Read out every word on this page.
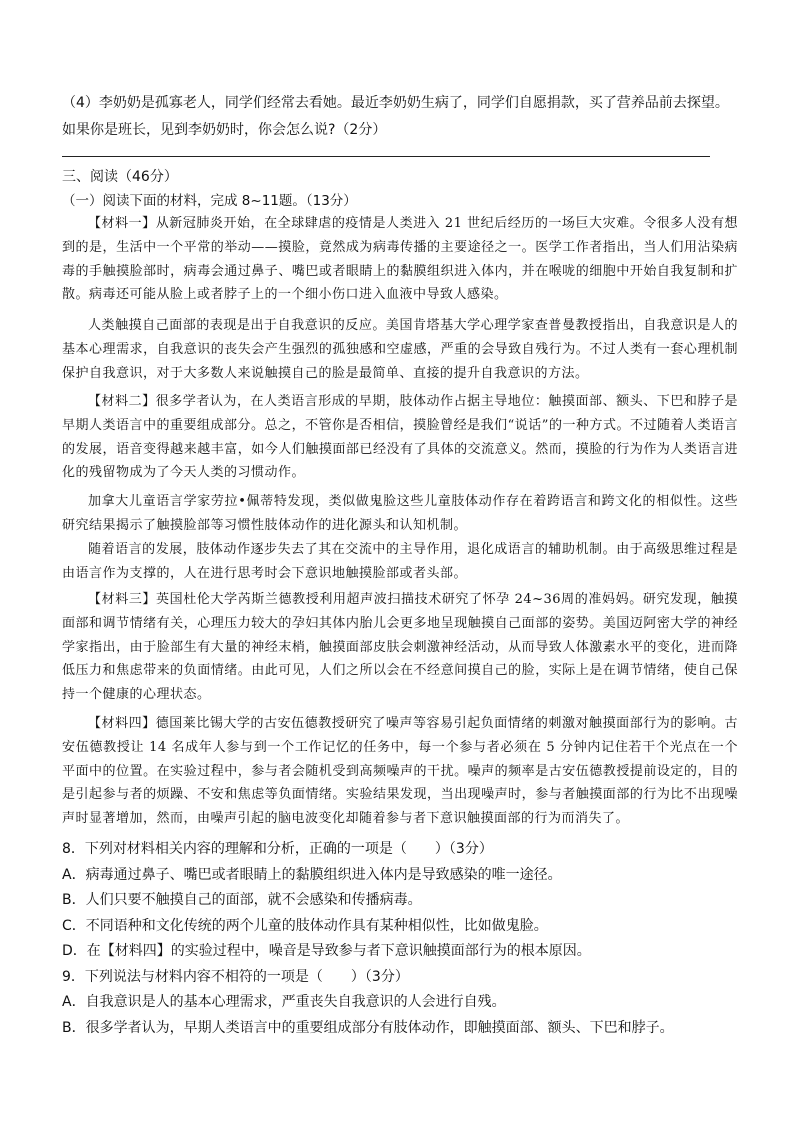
（4）李奶奶是孤寡老人，同学们经常去看她。最近李奶奶生病了，同学们自愿捐款，买了营养品前去探望。
如果你是班长，见到李奶奶时，你会怎么说?（2分）
三、阅读（46分）
（一）阅读下面的材料，完成 8~11题。（13分）
【材料一】从新冠肺炎开始，在全球肆虐的疫情是人类进入 21 世纪后经历的一场巨大灾难。令很多人没有想到的是，生活中一个平常的举动——摸脸，竟然成为病毒传播的主要途径之一。医学工作者指出，当人们用沾染病毒的手触摸脸部时，病毒会通过鼻子、嘴巴或者眼睛上的黏膜组织进入体内，并在喉咙的细胞中开始自我复制和扩散。病毒还可能从脸上或者脖子上的一个细小伤口进入血液中导致人感染。
人类触摸自己面部的表现是出于自我意识的反应。美国肯塔基大学心理学家查普曼教授指出，自我意识是人的基本心理需求，自我意识的丧失会产生强烈的孤独感和空虚感，严重的会导致自残行为。不过人类有一套心理机制保护自我意识，对于大多数人来说触摸自己的脸是最简单、直接的提升自我意识的方法。
【材料二】很多学者认为，在人类语言形成的早期，肢体动作占据主导地位：触摸面部、额头、下巴和脖子是早期人类语言中的重要组成部分。总之，不管你是否相信，摸脸曾经是我们“说话”的一种方式。不过随着人类语言的发展，语音变得越来越丰富，如今人们触摸面部已经没有了具体的交流意义。然而，摸脸的行为作为人类语言进化的残留物成为了今天人类的习惯动作。
加拿大儿童语言学家劳拉•佩蒂特发现，类似做鬼脸这些儿童肢体动作存在着跨语言和跨文化的相似性。这些研究结果揭示了触摸脸部等习惯性肢体动作的进化源头和认知机制。
随着语言的发展，肢体动作逐步失去了其在交流中的主导作用，退化成语言的辅助机制。由于高级思维过程是由语言作为支撑的，人在进行思考时会下意识地触摸脸部或者头部。
【材料三】英国杜伦大学芮斯兰德教授利用超声波扫描技术研究了怀孕 24~36周的准妈妈。研究发现，触摸面部和调节情绪有关，心理压力较大的孕妇其体内胎儿会更多地呈现触摸自己面部的姿势。美国迈阿密大学的神经学家指出，由于脸部生有大量的神经末梢，触摸面部皮肤会刺激神经活动，从而导致人体激素水平的变化，进而降低压力和焦虑带来的负面情绪。由此可见，人们之所以会在不经意间摸自己的脸，实际上是在调节情绪，使自己保持一个健康的心理状态。
【材料四】德国莱比锡大学的古安伍德教授研究了噪声等容易引起负面情绪的刺激对触摸面部行为的影响。古安伍德教授让 14 名成年人参与到一个工作记忆的任务中，每一个参与者必须在 5 分钟内记住若干个光点在一个平面中的位置。在实验过程中，参与者会随机受到高频噪声的干扰。噪声的频率是古安伍德教授提前设定的，目的是引起参与者的烦躁、不安和焦虑等负面情绪。实验结果发现，当出现噪声时，参与者触摸面部的行为比不出现噪声时显著增加，然而，由噪声引起的脑电波变化却随着参与者下意识触摸面部的行为而消失了。
8．下列对材料相关内容的理解和分析，正确的一项是（　　）（3分）
A．病毒通过鼻子、嘴巴或者眼睛上的黏膜组织进入体内是导致感染的唯一途径。
B．人们只要不触摸自己的面部，就不会感染和传播病毒。
C．不同语种和文化传统的两个儿童的肢体动作具有某种相似性，比如做鬼脸。
D．在【材料四】的实验过程中，噪音是导致参与者下意识触摸面部行为的根本原因。
9．下列说法与材料内容不相符的一项是（　　）（3分）
A．自我意识是人的基本心理需求，严重丧失自我意识的人会进行自残。
B．很多学者认为，早期人类语言中的重要组成部分有肢体动作，即触摸面部、额头、下巴和脖子。
